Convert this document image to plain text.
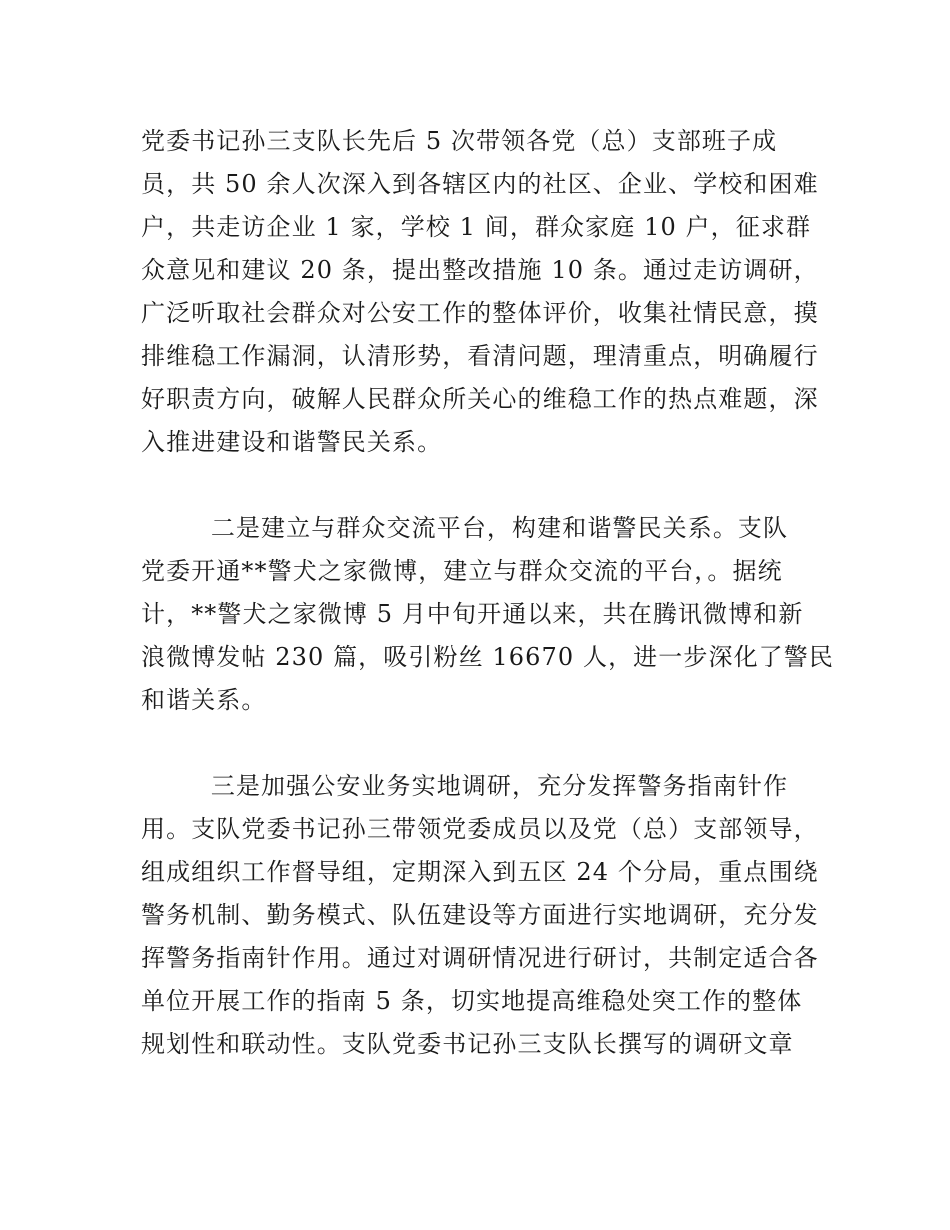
党委书记孙三支队长先后 5 次带领各党（总）支部班子成
员，共 50 余人次深入到各辖区内的社区、企业、学校和困难
户，共走访企业 1 家，学校 1 间，群众家庭 10 户，征求群
众意见和建议 20 条，提出整改措施 10 条。通过走访调研，
广泛听取社会群众对公安工作的整体评价，收集社情民意，摸
排维稳工作漏洞，认清形势，看清问题，理清重点，明确履行
好职责方向，破解人民群众所关心的维稳工作的热点难题，深
入推进建设和谐警民关系。
二是建立与群众交流平台，构建和谐警民关系。支队
党委开通**警犬之家微博，建立与群众交流的平台，。据统
计，**警犬之家微博 5 月中旬开通以来，共在腾讯微博和新
浪微博发帖 230 篇，吸引粉丝 16670 人，进一步深化了警民
和谐关系。
三是加强公安业务实地调研，充分发挥警务指南针作
用。支队党委书记孙三带领党委成员以及党（总）支部领导，
组成组织工作督导组，定期深入到五区 24 个分局，重点围绕
警务机制、勤务模式、队伍建设等方面进行实地调研，充分发
挥警务指南针作用。通过对调研情况进行研讨，共制定适合各
单位开展工作的指南 5 条，切实地提高维稳处突工作的整体
规划性和联动性。支队党委书记孙三支队长撰写的调研文章
